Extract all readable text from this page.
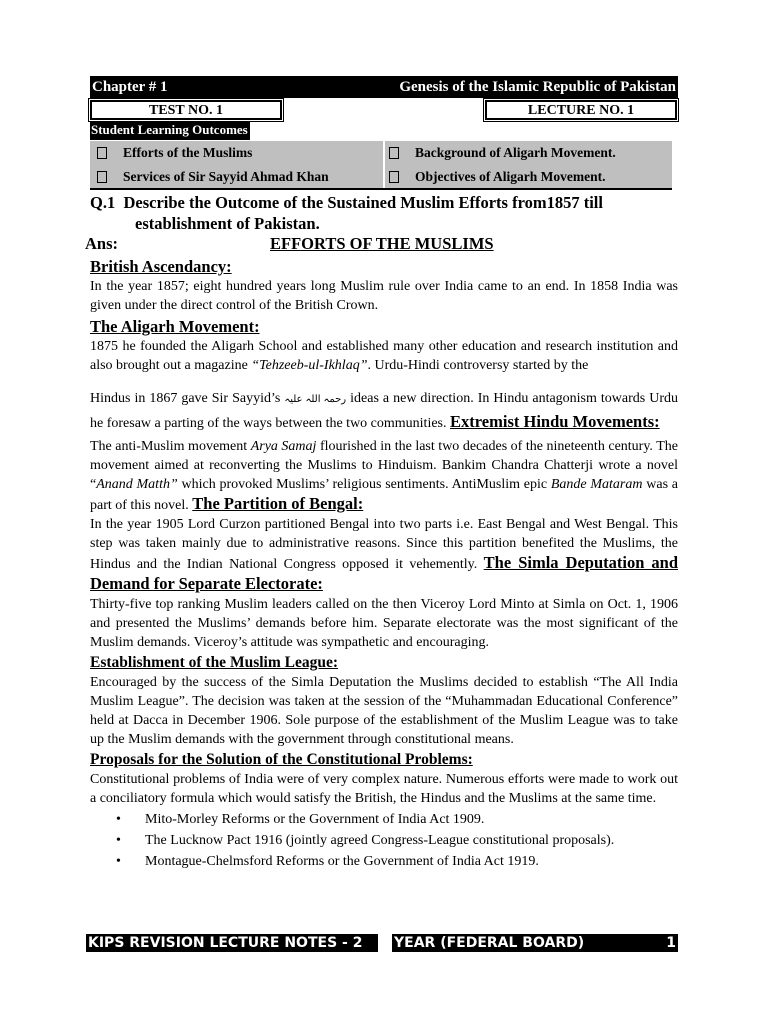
Chapter # 1	Genesis of the Islamic Republic of Pakistan
TEST NO. 1	LECTURE NO. 1
Student Learning Outcomes
Efforts of the Muslims	Background of Aligarh Movement.
Services of Sir Sayyid Ahmad Khan	Objectives of Aligarh Movement.
Q.1 Describe the Outcome of the Sustained Muslim Efforts from1857 till
establishment of Pakistan.
Ans:	EFFORTS OF THE MUSLIMS
British Ascendancy:

In the year 1857; eight hundred years long Muslim rule over India came to an end. In 1858 India was given under the direct control of the British Crown.

The Aligarh Movement:

1875 he founded the Aligarh School and established many other education and research institution and also brought out a magazine “Tehzeeb-ul-Ikhlaq”. Urdu-Hindi controversy started by the

Hindus in 1867 gave Sir Sayyid’s رحمہ اللہ علیہ ideas a new direction. In Hindu antagonism towards Urdu he foresaw a parting of the ways between the two communities. Extremist Hindu Movements:

The anti-Muslim movement Arya Samaj flourished in the last two decades of the nineteenth century. The movement aimed at reconverting the Muslims to Hinduism. Bankim Chandra Chatterji wrote a novel “Anand Matth” which provoked Muslims’ religious sentiments. AntiMuslim epic Bande Mataram was a part of this novel. The Partition of Bengal:

In the year 1905 Lord Curzon partitioned Bengal into two parts i.e. East Bengal and West Bengal. This step was taken mainly due to administrative reasons. Since this partition benefited the Muslims, the Hindus and the Indian National Congress opposed it vehemently. The Simla Deputation and Demand for Separate Electorate:

Thirty-five top ranking Muslim leaders called on the then Viceroy Lord Minto at Simla on Oct. 1, 1906 and presented the Muslims’ demands before him. Separate electorate was the most significant of the Muslim demands. Viceroy’s attitude was sympathetic and encouraging.

Establishment of the Muslim League:

Encouraged by the success of the Simla Deputation the Muslims decided to establish “The All India Muslim League”. The decision was taken at the session of the “Muhammadan Educational Conference” held at Dacca in December 1906. Sole purpose of the establishment of the Muslim League was to take up the Muslim demands with the government through constitutional means.

Proposals for the Solution of the Constitutional Problems:

Constitutional problems of India were of very complex nature. Numerous efforts were made to work out a conciliatory formula which would satisfy the British, the Hindus and the Muslims at the same time.

• Mito-Morley Reforms or the Government of India Act 1909.
• The Lucknow Pact 1916 (jointly agreed Congress-League constitutional proposals).
• Montague-Chelmsford Reforms or the Government of India Act 1919.
KIPS REVISION LECTURE NOTES - 2	YEAR (FEDERAL BOARD)	1
